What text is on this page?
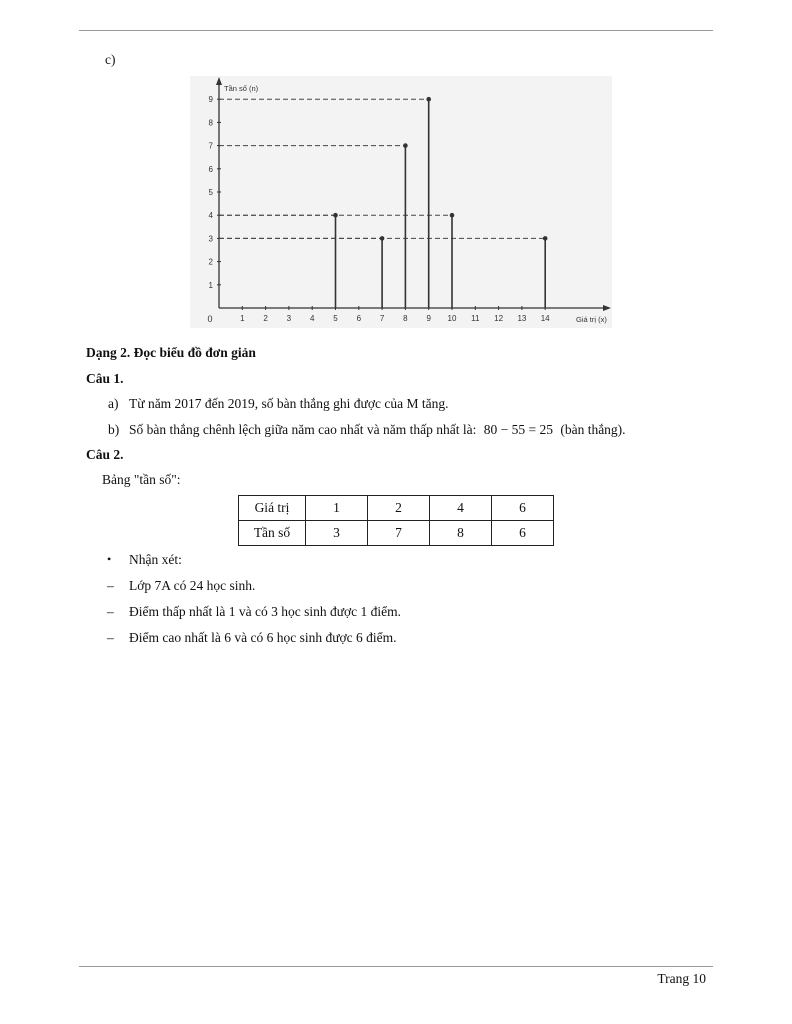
c)
1 2 3 4 5 6 7 8 9 10 11 12 13 14
1
2
3
4
5
6
7
8
9
0
Tần số (n)
Giá trị (x)
Dạng 2. Đọc biểu đồ đơn giản
Câu 1.
a) Từ năm 2017 đến 2019, số bàn thắng ghi được của M tăng.
b) Số bàn thắng chênh lệch giữa năm cao nhất và năm thấp nhất là: 80 − 55 = 25 (bàn thắng).
Câu 2.
Bảng "tần số":
Giá trị	1	2	4	6
Tần số	3	7	8	6
• Nhận xét:
– Lớp 7A có 24 học sinh.
– Điểm thấp nhất là 1 và có 3 học sinh được 1 điểm.
– Điểm cao nhất là 6 và có 6 học sinh được 6 điểm.
Trang 10
